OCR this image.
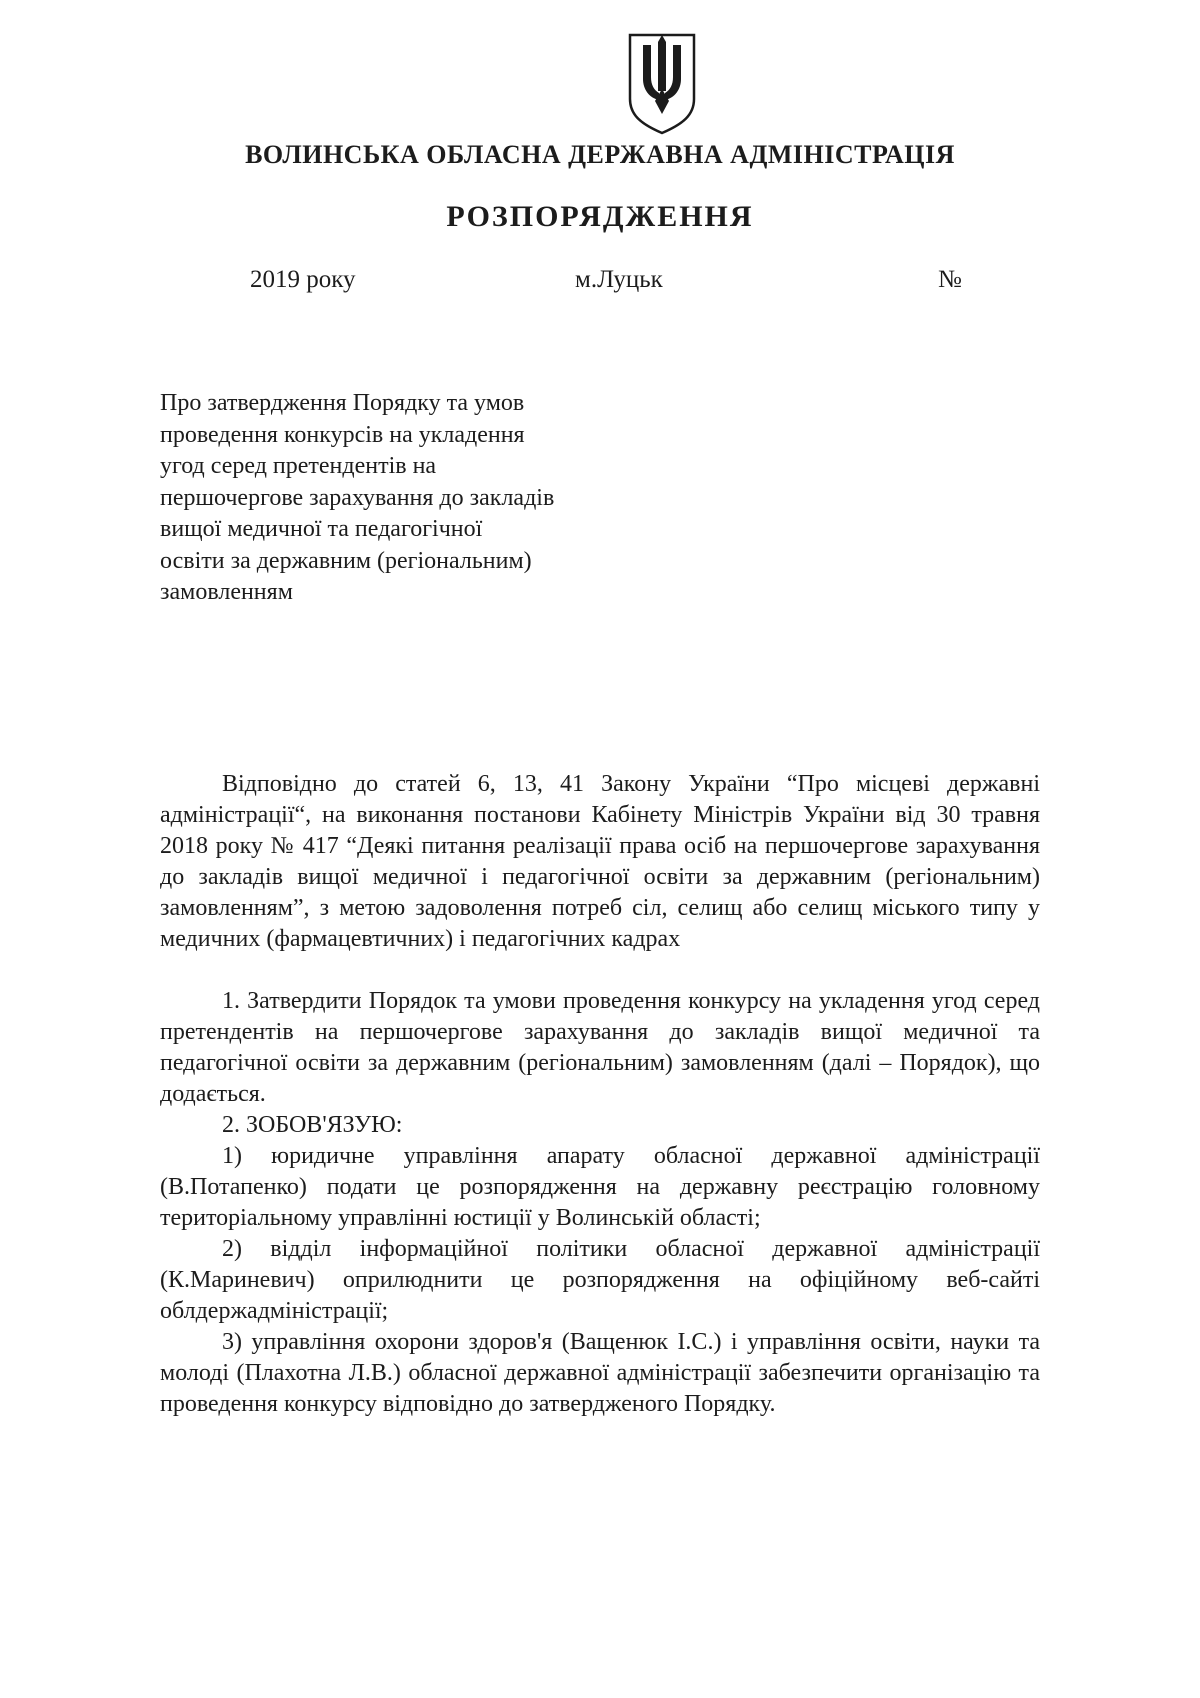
ВОЛИНСЬКА ОБЛАСНА ДЕРЖАВНА АДМІНІСТРАЦІЯ
РОЗПОРЯДЖЕННЯ
2019 року	м.Луцьк	№
Про затвердження Порядку та умов
проведення конкурсів на укладення
угод серед претендентів на
першочергове зарахування до закладів
вищої медичної та педагогічної
освіти за державним (регіональним)
замовленням

Відповідно до статей 6, 13, 41 Закону України “Про місцеві державні адміністрації“, на виконання постанови Кабінету Міністрів України від 30 травня 2018 року № 417 “Деякі питання реалізації права осіб на першочергове зарахування до закладів вищої медичної і педагогічної освіти за державним (регіональним) замовленням”, з метою задоволення потреб сіл, селищ або селищ міського типу у медичних (фармацевтичних) і педагогічних кадрах

1. Затвердити Порядок та умови проведення конкурсу на укладення угод серед претендентів на першочергове зарахування до закладів вищої медичної та педагогічної освіти за державним (регіональним) замовленням (далі – Порядок), що додається.

2. ЗОБОВ'ЯЗУЮ:

1) юридичне управління апарату обласної державної адміністрації (В.Потапенко) подати це розпорядження на державну реєстрацію головному територіальному управлінні юстиції у Волинській області;

2) відділ інформаційної політики обласної державної адміністрації (К.Мариневич) оприлюднити це розпорядження на офіційному веб-сайті облдержадміністрації;

3) управління охорони здоров'я (Ващенюк І.С.) і управління освіти, науки та молоді (Плахотна Л.В.) обласної державної адміністрації забезпечити організацію та проведення конкурсу відповідно до затвердженого Порядку.
